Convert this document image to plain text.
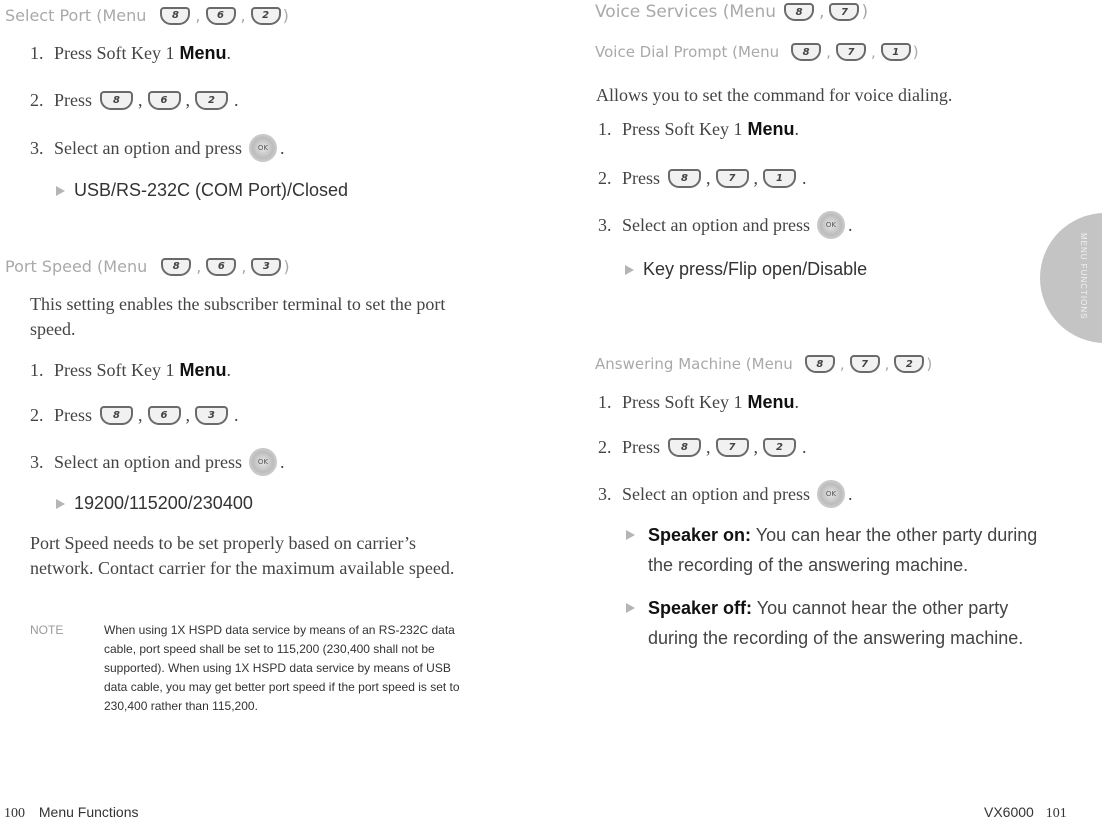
Select Port (Menu	8	,	6	,	2 )
1. Press Soft Key 1 Menu .
2. Press	8	,	6	,	2	.
3. Select an option and press	OK .
USB/RS-232C (COM Port)/Closed
Port Speed (Menu	8	,	6	,	3 )
This setting enables the subscriber terminal to set the port speed.
1. Press Soft Key 1 Menu .
2. Press	8	,	6	,	3	.
3. Select an option and press	OK .
19200/115200/230400
Port Speed needs to be set properly based on carrier’s network. Contact carrier for the maximum available speed.
NOTE	When using 1X HSPD data service by means of an RS-232C data cable, port speed shall be set to 115,200 (230,400 shall not be supported). When using 1X HSPD data service by means of USB data cable, you may get better port speed if the port speed is set to 230,400 rather than 115,200.
100 Menu Functions
Voice Services (Menu	8 ,	7 )
Voice Dial Prompt (Menu	8	,	7	,	1 )
Allows you to set the command for voice dialing.
1. Press Soft Key 1 Menu .
2. Press	8	,	7	,	1	.
3. Select an option and press	OK .
Key press/Flip open/Disable
Answering Machine (Menu	8	,	7	,	2 )
1. Press Soft Key 1 Menu .
2. Press	8	,	7	,	2	.
3. Select an option and press	OK .
Speaker on: You can hear the other party during the recording of the answering machine.
Speaker off: You cannot hear the other party during the recording of the answering machine.
MENU FUNCTIONS
VX6000 101
